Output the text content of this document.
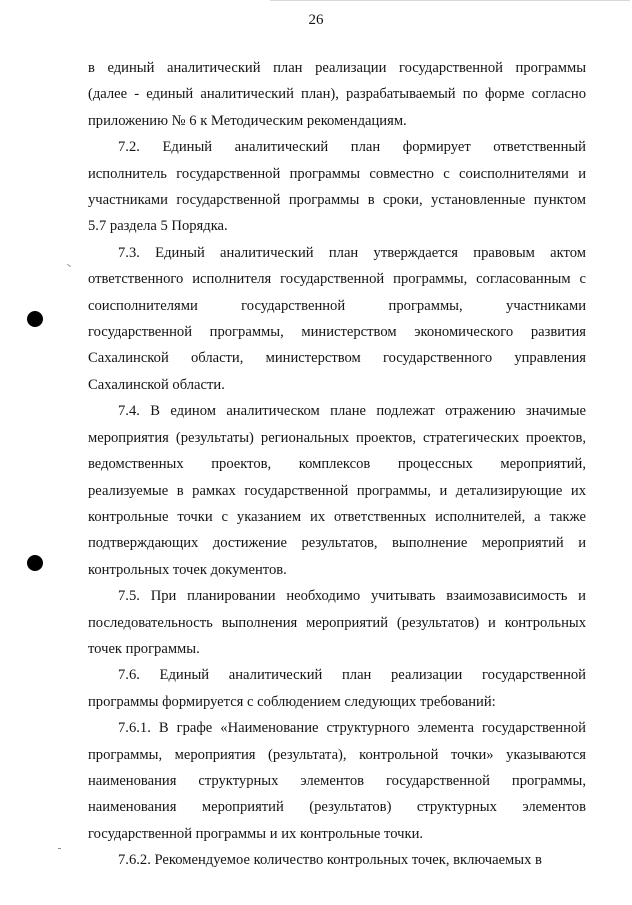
26
в единый аналитический план реализации государственной программы
(далее - единый аналитический план), разрабатываемый по форме согласно
приложению № 6 к Методическим рекомендациям.
7.2. Единый аналитический план формирует ответственный
исполнитель государственной программы совместно с соисполнителями и
участниками государственной программы в сроки, установленные пунктом
5.7 раздела 5 Порядка.
7.3. Единый аналитический план утверждается правовым актом
ответственного исполнителя государственной программы, согласованным с
соисполнителями государственной программы, участниками
государственной программы, министерством экономического развития
Сахалинской области, министерством государственного управления
Сахалинской области.
7.4. В едином аналитическом плане подлежат отражению значимые
мероприятия (результаты) региональных проектов, стратегических проектов,
ведомственных проектов, комплексов процессных мероприятий,
реализуемые в рамках государственной программы, и детализирующие их
контрольные точки с указанием их ответственных исполнителей, а также
подтверждающих достижение результатов, выполнение мероприятий и
контрольных точек документов.
7.5. При планировании необходимо учитывать взаимозависимость и
последовательность выполнения мероприятий (результатов) и контрольных
точек программы.
7.6. Единый аналитический план реализации государственной
программы формируется с соблюдением следующих требований:
7.6.1. В графе «Наименование структурного элемента государственной
программы, мероприятия (результата), контрольной точки» указываются
наименования структурных элементов государственной программы,
наименования мероприятий (результатов) структурных элементов
государственной программы и их контрольные точки.
7.6.2. Рекомендуемое количество контрольных точек, включаемых в
